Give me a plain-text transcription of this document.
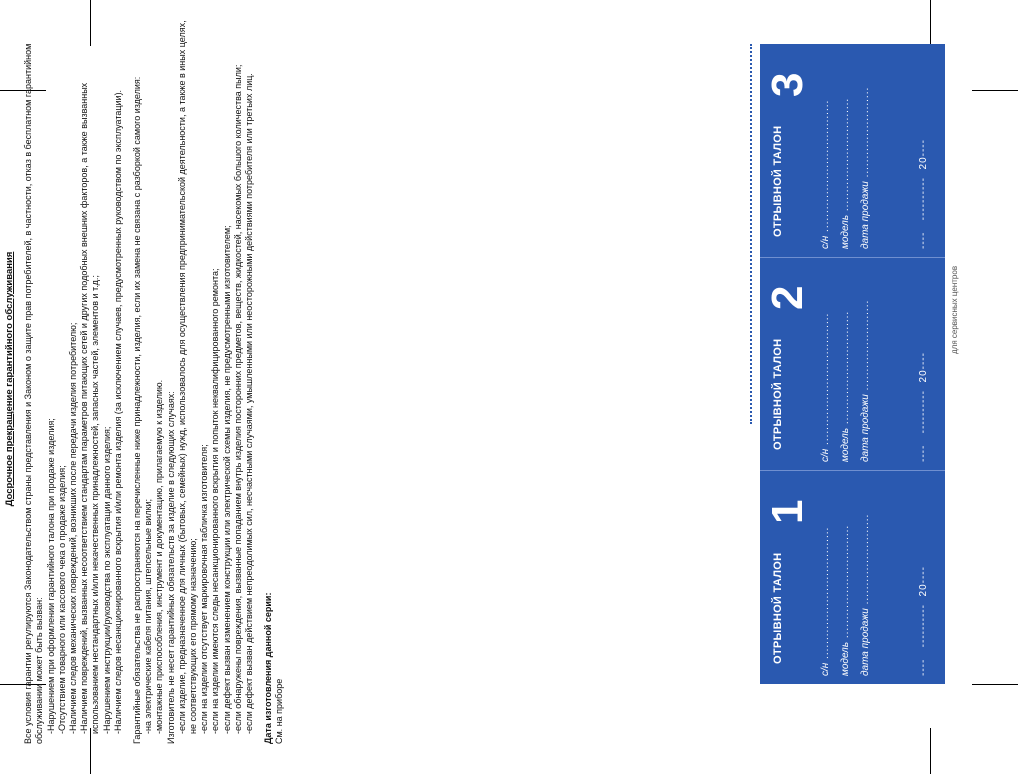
Досрочное прекращение гарантийного обслуживания Все условия гарантии регулируются Законодательством страны представления и Законом о защите прав потребителей, в частности, отказ в бесплатном гарантийном обслуживании может быть вызван: -Нарушением при оформлении гарантийного талона при продаже изделия; -Отсутствием товарного или кассового чека о продаже изделия; -Наличием следов механических повреждений, возникших после передачи изделия потребителю; -Наличием повреждений, вызванных несоответствием стандартам параметров питающих сетей и других подобных внешних факторов, а также вызванных использованием нестандартных и/или некачественных принадлежностей, запасных частей, элементов и т.д.; -Нарушением инструкции/руководства по эксплуатации данного изделия; -Наличием следов несанкционированного вскрытия и/или ремонта изделия (за исключением случаев, предусмотренных руководством по эксплуатации). Гарантийные обязательства не распространяются на перечисленные ниже принадлежности, изделия, если их замена не связана с разборкой самого изделия: -на электрические кабеля питания, штепсельные вилки; -монтажные приспособления, инструмент и документацию, прилагаемую к изделию. Изготовитель не несет гарантийных обязательств за изделие в следующих случаях: -если изделие, предназначенное для личных (бытовых, семейных) нужд, использовалось для осуществления предпринимательской деятельности, а также в иных целях, не соответствующих его прямому назначению; -если на изделии отсутствует маркировочная табличка изготовителя; -если на изделии имеются следы несанкционированного вскрытия и попыток неквалифицированного ремонта; -если дефект вызван изменением конструкции или электрической схемы изделия, не предусмотренными изготовителем; -если обнаружены повреждения, вызванные попаданием внутрь изделия посторонних предметов, веществ, жидкостей, насекомых большого количества пыли; -если дефект вызван действием непреодолимых сил, несчастными случаями, умышленными или неосторожными действиями потребителя или третьих лиц. Дата изготовления данной серии: См. на приборе

для сервисных центров
ОТРЫВНОЙ ТАЛОН
1
с/н ................................... модель ..............................
дата продажи ........................
----   ----------  20----
ОТРЫВНОЙ ТАЛОН
2
с/н ................................... модель ..............................
дата продажи ........................
----   ----------  20----
ОТРЫВНОЙ ТАЛОН
3
с/н ................................... модель ..............................
дата продажи ........................
----   ----------  20----
